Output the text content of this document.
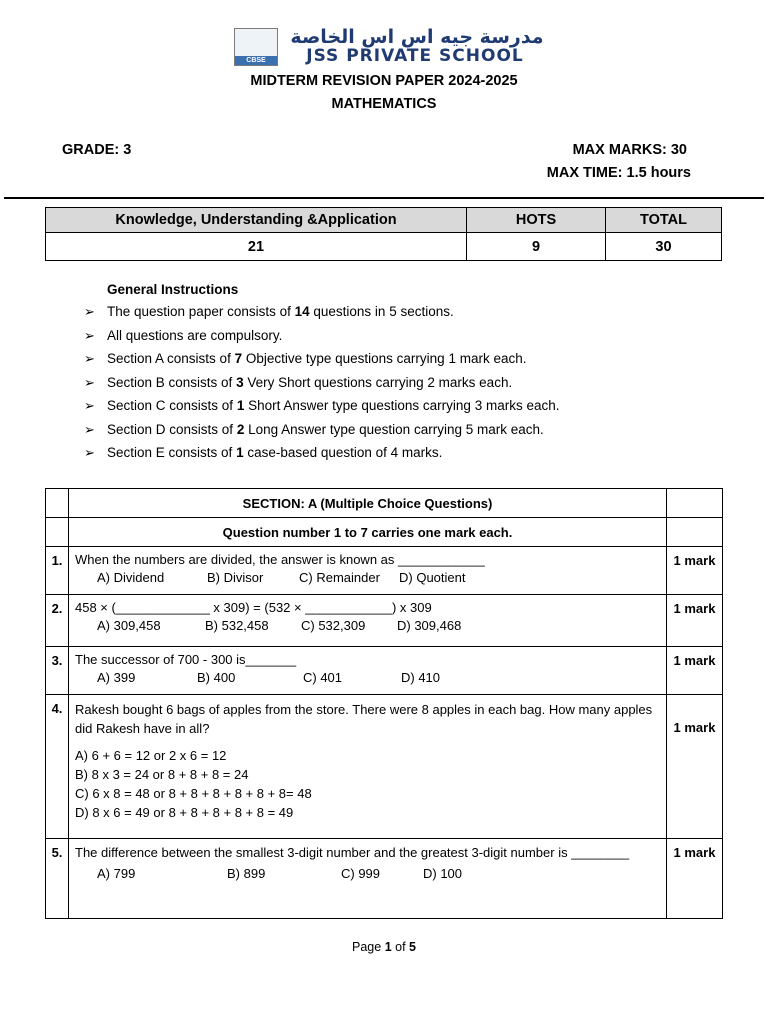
CBSE
مدرسة جيه اس اس الخاصة
JSS PRIVATE SCHOOL
MIDTERM REVISION PAPER 2024-2025
MATHEMATICS
GRADE: 3	MAX MARKS: 30
MAX TIME: 1.5 hours
Knowledge, Understanding &Application	HOTS	TOTAL
21	9	30
General Instructions
➢ The question paper consists of 14 questions in 5 sections.
➢ All questions are compulsory.
➢ Section A consists of 7 Objective type questions carrying 1 mark each.
➢ Section B consists of 3 Very Short questions carrying 2 marks each.
➢ Section C consists of 1 Short Answer type questions carrying 3 marks each.
➢ Section D consists of 2 Long Answer type question carrying 5 mark each.
➢ Section E consists of 1 case-based question of 4 marks.
	SECTION: A (Multiple Choice Questions)	
	Question number 1 to 7 carries one mark each.	
1.	When the numbers are divided, the answer is known as ____________
A) Dividend B) Divisor C) Remainder D) Quotient	1 mark
2.	458 × (_____________ x 309) = (532 × ____________) x 309
A) 309,458 B) 532,458 C) 532,309 D) 309,468	1 mark
3.	The successor of 700 - 300 is_______
A) 399 B) 400 C) 401 D) 410	1 mark
4.	Rakesh bought 6 bags of apples from the store. There were 8 apples in each bag. How many apples did Rakesh have in all?
A) 6 + 6 = 12 or 2 x 6 = 12
B) 8 x 3 = 24 or 8 + 8 + 8 = 24
C) 6 x 8 = 48 or 8 + 8 + 8 + 8 + 8 + 8= 48
D) 8 x 6 = 49 or 8 + 8 + 8 + 8 + 8 = 49	1 mark
5.	The difference between the smallest 3-digit number and the greatest 3-digit number is ________
A) 799 B) 899 C) 999 D) 100	1 mark
Page 1 of 5
